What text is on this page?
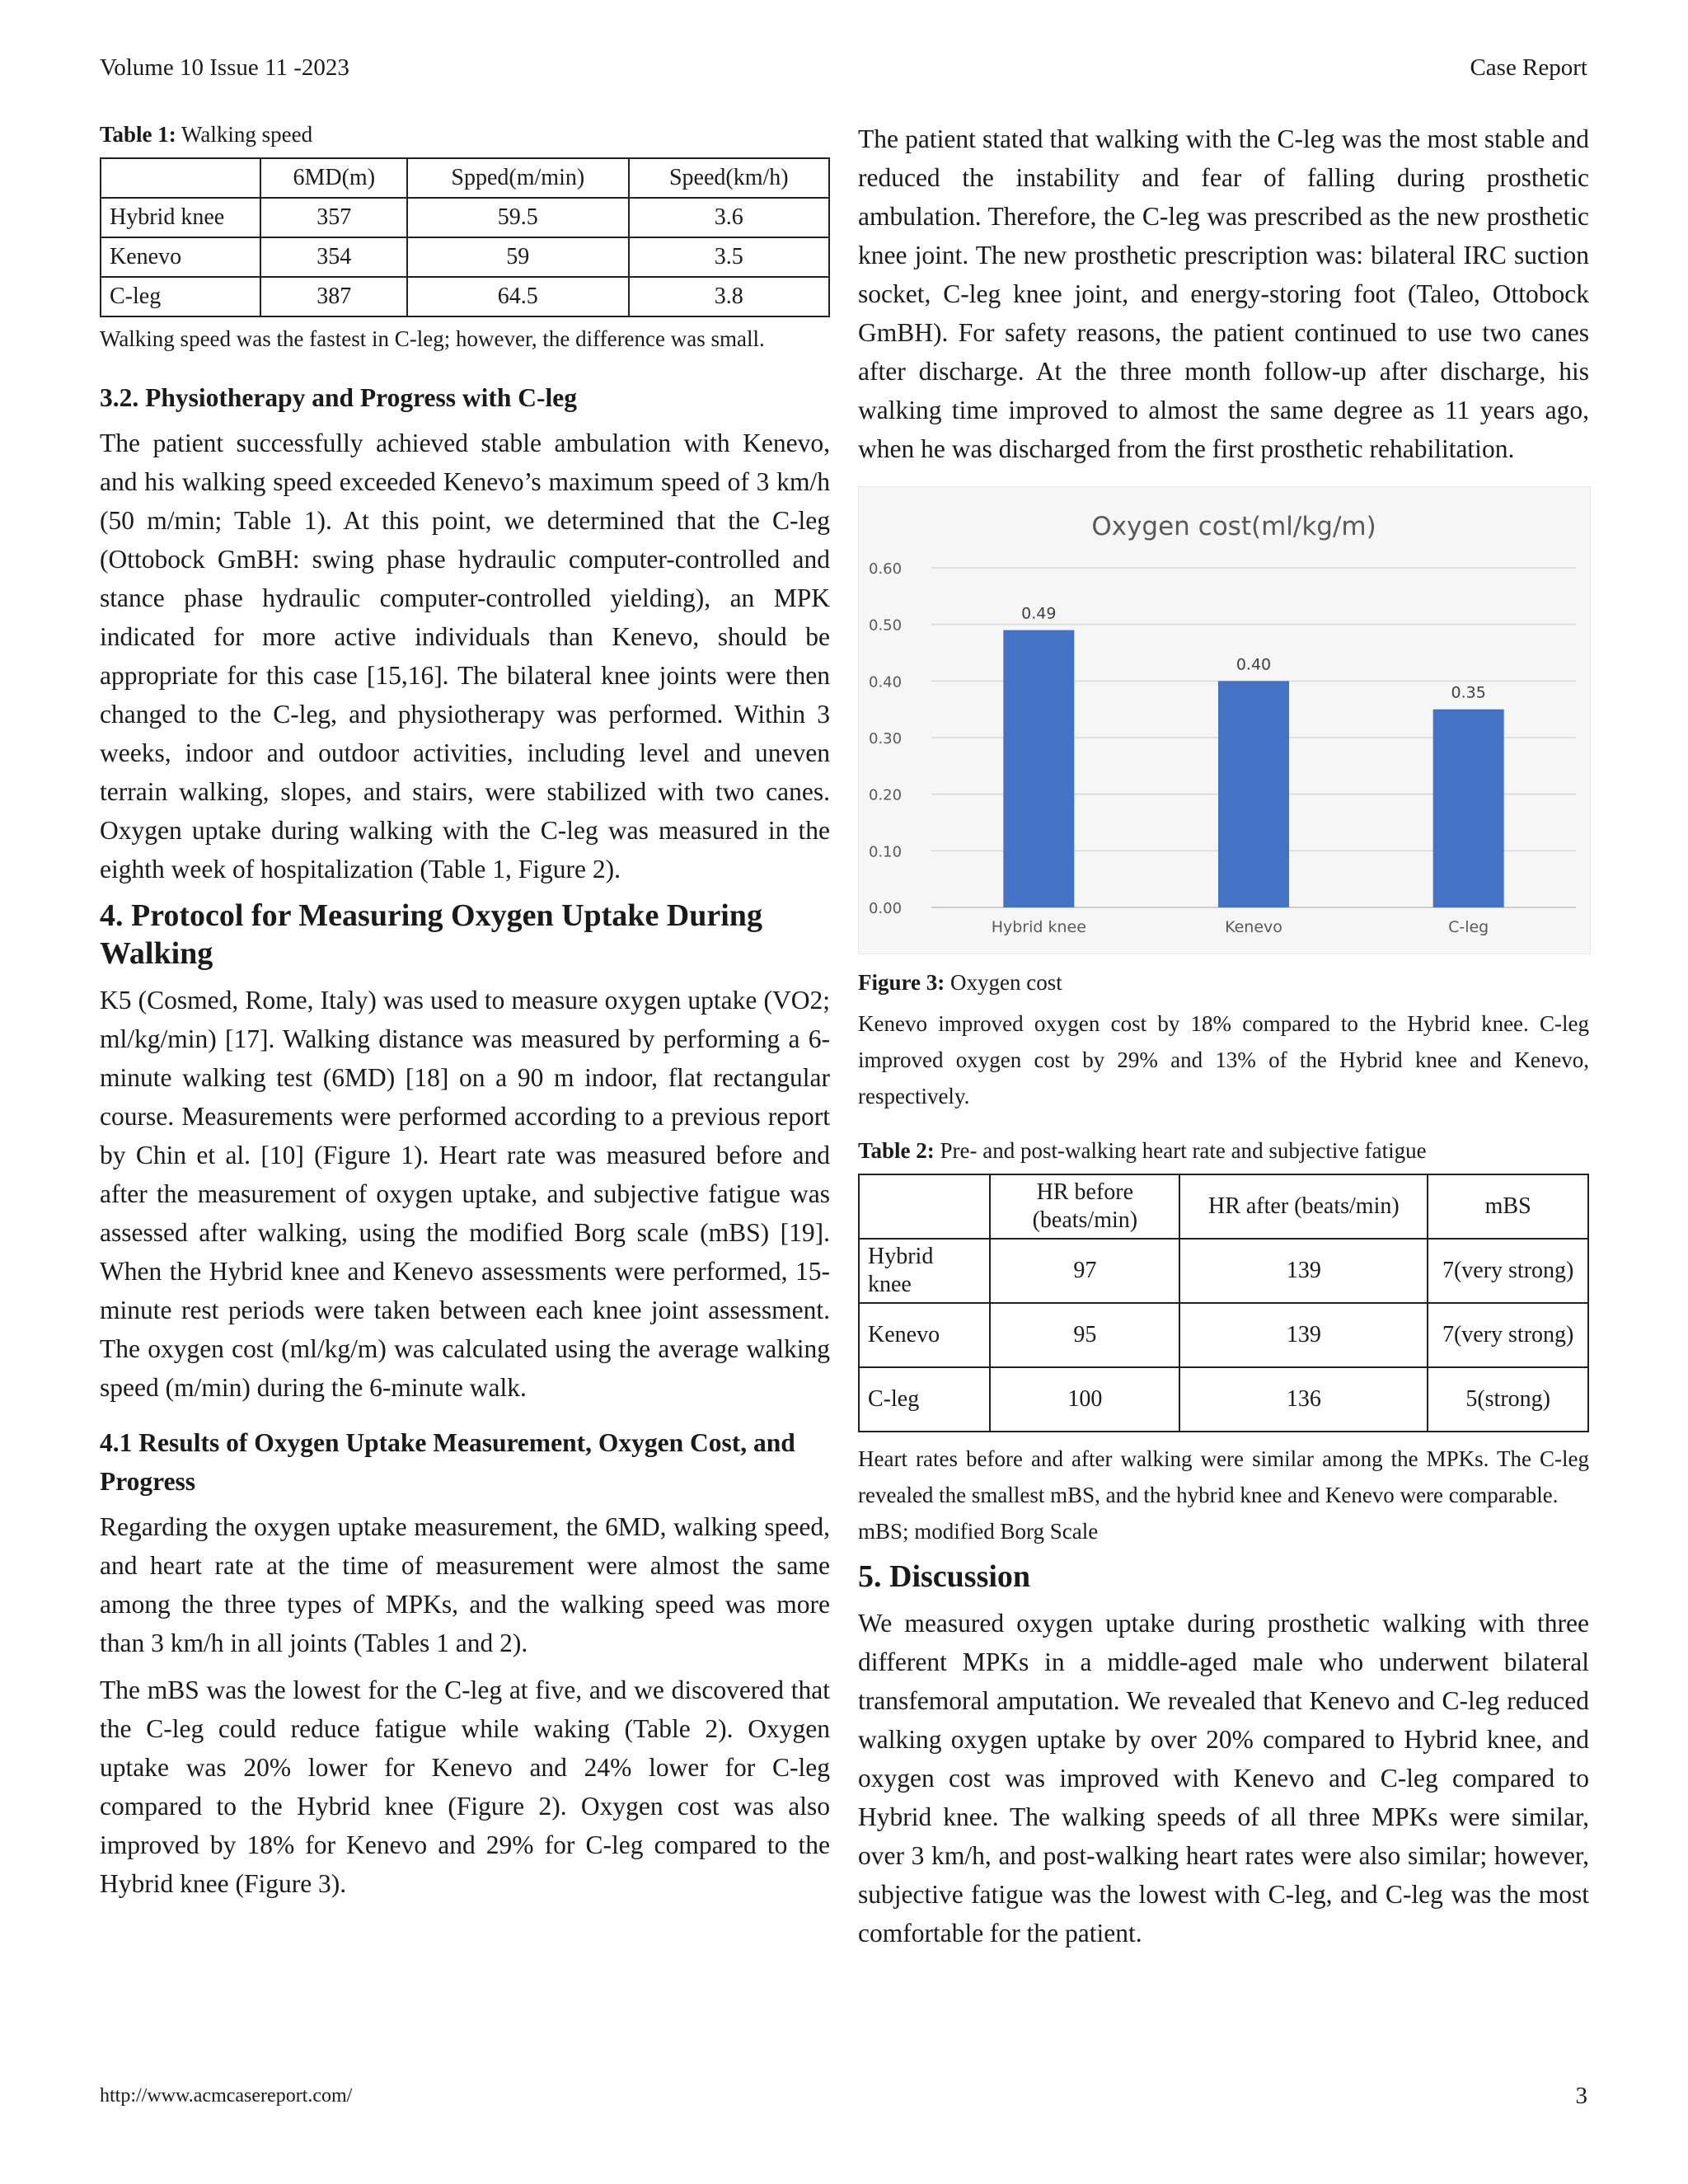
Volume 10 Issue 11 -2023	Case Report
Table 1: Walking speed
	6MD(m)	Spped(m/min)	Speed(km/h)
Hybrid knee	357	59.5	3.6
Kenevo	354	59	3.5
C-leg	387	64.5	3.8
Walking speed was the fastest in C-leg; however, the difference was small.
3.2. Physiotherapy and Progress with C-leg

The patient successfully achieved stable ambulation with Kenevo, and his walking speed exceeded Kenevo’s maximum speed of 3 km/h (50 m/min; Table 1). At this point, we determined that the C-leg (Ottobock GmBH: swing phase hydraulic computer-controlled and stance phase hydraulic computer-controlled yielding), an MPK indicated for more active individuals than Kenevo, should be appropriate for this case [15,16]. The bilateral knee joints were then changed to the C-leg, and physiotherapy was performed. Within 3 weeks, indoor and outdoor activities, including level and uneven terrain walking, slopes, and stairs, were stabilized with two canes. Oxygen uptake during walking with the C-leg was measured in the eighth week of hospitalization (Table 1, Figure 2).

4. Protocol for Measuring Oxygen Uptake During Walking

K5 (Cosmed, Rome, Italy) was used to measure oxygen uptake (VO2; ml/kg/min) [17]. Walking distance was measured by performing a 6-minute walking test (6MD) [18] on a 90 m indoor, flat rectangular course. Measurements were performed according to a previous report by Chin et al. [10] (Figure 1). Heart rate was measured before and after the measurement of oxygen uptake, and subjective fatigue was assessed after walking, using the modified Borg scale (mBS) [19]. When the Hybrid knee and Kenevo assessments were performed, 15-minute rest periods were taken between each knee joint assessment. The oxygen cost (ml/kg/m) was calculated using the average walking speed (m/min) during the 6-minute walk.

4.1 Results of Oxygen Uptake Measurement, Oxygen Cost, and Progress

Regarding the oxygen uptake measurement, the 6MD, walking speed, and heart rate at the time of measurement were almost the same among the three types of MPKs, and the walking speed was more than 3 km/h in all joints (Tables 1 and 2).

The mBS was the lowest for the C-leg at five, and we discovered that the C-leg could reduce fatigue while waking (Table 2). Oxygen uptake was 20% lower for Kenevo and 24% lower for C-leg compared to the Hybrid knee (Figure 2). Oxygen cost was also improved by 18% for Kenevo and 29% for C-leg compared to the Hybrid knee (Figure 3).

The patient stated that walking with the C-leg was the most stable and reduced the instability and fear of falling during prosthetic ambulation. Therefore, the C-leg was prescribed as the new prosthetic knee joint. The new prosthetic prescription was: bilateral IRC suction socket, C-leg knee joint, and energy-storing foot (Taleo, Ottobock GmBH). For safety reasons, the patient continued to use two canes after discharge. At the three month follow-up after discharge, his walking time improved to almost the same degree as 11 years ago, when he was discharged from the first prosthetic rehabilitation.

Oxygen cost(ml/kg/m)
0.00
0.10
0.20
0.30
0.40
0.50
0.60
0.49
0.40
0.35
Hybrid knee	Kenevo	C-leg
Figure 3: Oxygen cost
Kenevo improved oxygen cost by 18% compared to the Hybrid knee. C-leg improved oxygen cost by 29% and 13% of the Hybrid knee and Kenevo, respectively.
Table 2: Pre- and post-walking heart rate and subjective fatigue
	HR before (beats/min)	HR after (beats/min)	mBS
Hybrid knee	97	139	7(very strong)
Kenevo	95	139	7(very strong)
C-leg	100	136	5(strong)
Heart rates before and after walking were similar among the MPKs. The C-leg revealed the smallest mBS, and the hybrid knee and Kenevo were comparable.
mBS; modified Borg Scale
5. Discussion

We measured oxygen uptake during prosthetic walking with three different MPKs in a middle-aged male who underwent bilateral transfemoral amputation. We revealed that Kenevo and C-leg reduced walking oxygen uptake by over 20% compared to Hybrid knee, and oxygen cost was improved with Kenevo and C-leg compared to Hybrid knee. The walking speeds of all three MPKs were similar, over 3 km/h, and post-walking heart rates were also similar; however, subjective fatigue was the lowest with C-leg, and C-leg was the most comfortable for the patient.

http://www.acmcasereport.com/	3
